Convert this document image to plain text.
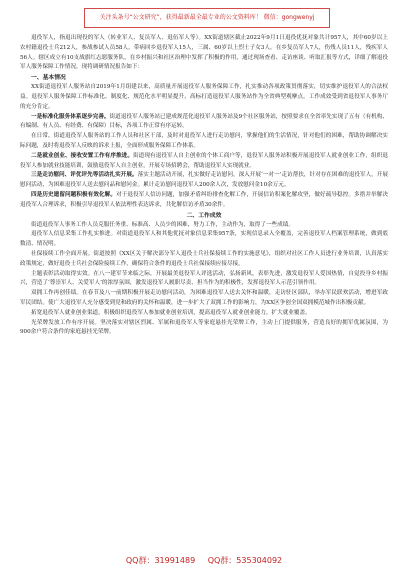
关注头条号“公文研究”，获得最新最全最专业的公文资料库！ 微信：gongwenyj

退役军人，指退出现役的军人（转业军人、复员军人、退伍军人等）。XX街道辖区截止2022年9月1日退役优抚对象共计957人，其中60岁以上农村籍退役士兵212人，参战参试人员58人，带病回乡退役军人15人，三属、60岁以上烈士子女3人。在乡复员军人7人，伤残人员11人，残疾军人56人。辖区成立有10支战旗红志愿服务队，在乡村振兴和社区治理中发挥了积极的作用，通过现场查看、走访座谈、听取汇报等方式，详细了解退役军人服务保障工作情况，现将调研情况报告如下：

一、基本情况

XX街道退役军人服务站自2019年1月组建以来，高质量开展退役军人服务保障工作，扎实推动各项政策贯彻落实，切实维护退役军人的合法权益。退役军人服务保障工作标准化、制度化、规范化水平明显提升，高标打造退役军人服务站作为全省典型观摩点。工作成效受到省退役军人事务厅的充分肯定。

一是标准化服务体系逐步完善。街道退役军人服务站已建成规范化退役军人服务站及9个社区服务站，按照要求在全省率先实现了五有（有机构、有编制、有人员、有经费、有保障）目标，各项工作正常有序运转。

在日常，街道退役军人服务站的工作人员和社区干部，及时对退役军人进行走访慰问，掌握他们的生活情况，针对他们的困难，帮助协调解决实际问题，及时将退役军人反映的诉求上报，全面形成服务保障工作体系。

二是就业创业、接收安置工作有序推进。街道现有退役军人自主创业的个体工商户等，退役军人服务站积极开展退役军人就业创业工作，组织退役军人参加就业技能培训，鼓励退役军人自主创业，开展专场招聘会，帮助退役军人实现就业。

三是走访慰问、评优评先等活动扎实开展。落实主题活动开展，扎实做好走访慰问，深入开展‘一对一’走访帮扶，针对存在困难的退役军人，开展慰问活动，为困难退役军人送去慰问品和慰问金。累计走访慰问退役军人200余人次，发放慰问金10余万元。

四是历史遗留问题积极有效化解。对于退役军人信访问题，加强矛盾纠纷排查化解工作，开展信访积案化解攻坚，做好疏导稳控。多措并举解决退役军人合理诉求，积极引导退役军人依法理性表达诉求，共化解信访矛盾30余件。

二、工作成效

街道退役军人事务工作人员克服任务重、标准高、人员少的困难，努力工作，主动作为，取得了一些成绩。

退役军人信息采集工作扎实推进。对街道退役军人和其他优抚对象信息采集957条，实现信息录入全覆盖，完善退役军人档案管理系统，做到底数清、情况明。

社保接续工作全面开展。街道按照《XX区关于解决部分军人退役士兵社保接续工作的实施意见》，组织对社区工作人员进行业务培训，认真落实政策规定，做好退役士兵社会保险接续工作，确保符合条件的退役士兵社保接续应接尽接。

主题表彰活动取得实效。在八一建军节来临之际，开展最美退役军人评选活动，弘扬新风，表彰先进，激发退役军人爱国热情，自觉投身乡村振兴，营造了‘尊崇军人、关爱军人’的浓厚氛围，激发退役军人履职尽责、担当作为的积极性，发挥退役军人示范引领作用。

双拥工作再创佳绩。在春节及八一前期积极开展走访慰问活动，为困难退役军人送去关怀和温暖，走访驻区部队，举办军民联欢活动，增进军政军民团结。使广大退役军人充分感受到党和政府的关怀和温暖，进一步扩大了双拥工作的影响力，为XX区争创全国双拥模范城作出积极贡献。

拓宽退役军人就业创业渠道。积极组织退役军人参加就业创业培训，提高退役军人就业创业能力，扩大就业覆盖。

光荣牌发放工作有序开展。坚决落实对辖区烈属、军属和退役军人等家庭悬挂光荣牌工作，主动上门提供服务，营造良好的拥军优属氛围，为900余户符合条件的家庭悬挂光荣牌。

QQ群：31991489 QQ群：535304092
